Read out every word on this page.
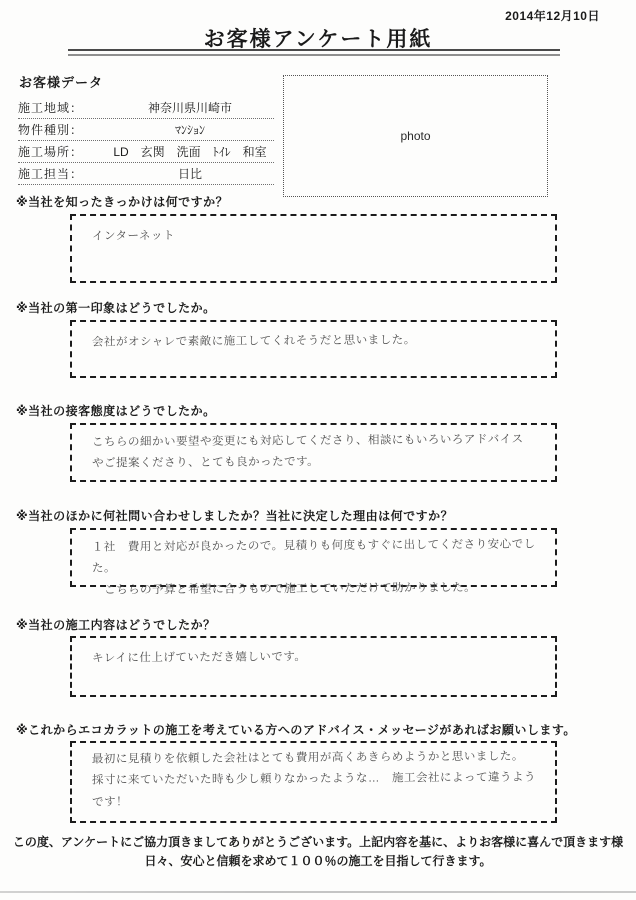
2014年12月10日
お客様アンケート用紙
お客様データ
施工地域：	神奈川県川崎市
物件種別：	ﾏﾝｼｮﾝ
施工場所：	LD　玄関　洗面　ﾄｲﾚ　和室
施工担当：	日比
photo
※当社を知ったきっかけは何ですか？
インターネット
※当社の第一印象はどうでしたか。
会社がオシャレで素敵に施工してくれそうだと思いました。
※当社の接客態度はどうでしたか。
こちらの細かい要望や変更にも対応してくださり、相談にもいろいろアドバイス
やご提案くださり、とても良かったです。
※当社のほかに何社問い合わせしましたか？当社に決定した理由は何ですか？
１社　費用と対応が良かったので。見積りも何度もすぐに出してくださり安心でした。
　こちらの予算と希望に合うもので施工していただけて助かりました。
※当社の施工内容はどうでしたか？
キレイに仕上げていただき嬉しいです。
※これからエコカラットの施工を考えている方へのアドバイス・メッセージがあればお願いします。
最初に見積りを依頼した会社はとても費用が高くあきらめようかと思いました。
採寸に来ていただいた時も少し頼りなかったような…　施工会社によって違うよう
です！
この度、アンケートにご協力頂きましてありがとうございます。上記内容を基に、よりお客様に喜んで頂きます様
日々、安心と信頼を求めて１００％の施工を目指して行きます。
